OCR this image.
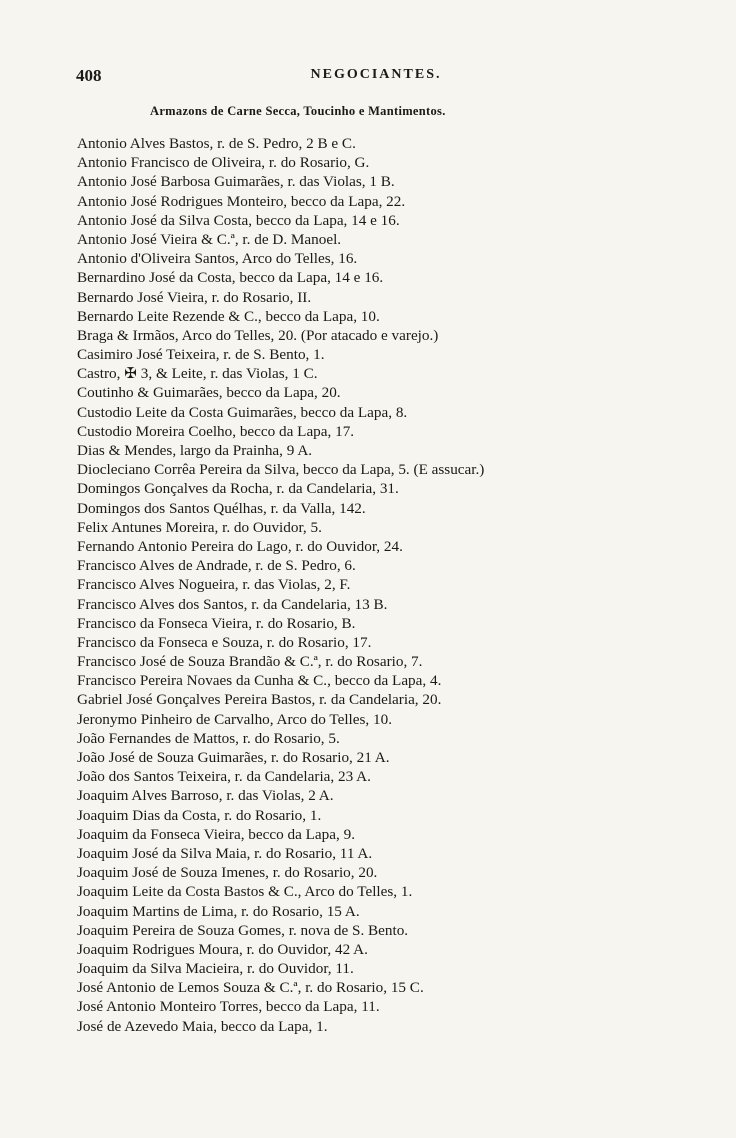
408	NEGOCIANTES.
Armazons de Carne Secca, Toucinho e Mantimentos.
Antonio Alves Bastos, r. de S. Pedro, 2 B e C.
Antonio Francisco de Oliveira, r. do Rosario, G.
Antonio José Barbosa Guimarães, r. das Violas, 1 B.
Antonio José Rodrigues Monteiro, becco da Lapa, 22.
Antonio José da Silva Costa, becco da Lapa, 14 e 16.
Antonio José Vieira & C.ª, r. de D. Manoel.
Antonio d'Oliveira Santos, Arco do Telles, 16.
Bernardino José da Costa, becco da Lapa, 14 e 16.
Bernardo José Vieira, r. do Rosario, II.
Bernardo Leite Rezende & C., becco da Lapa, 10.
Braga & Irmãos, Arco do Telles, 20. (Por atacado e varejo.)
Casimiro José Teixeira, r. de S. Bento, 1.
Castro, ✠ 3, & Leite, r. das Violas, 1 C.
Coutinho & Guimarães, becco da Lapa, 20.
Custodio Leite da Costa Guimarães, becco da Lapa, 8.
Custodio Moreira Coelho, becco da Lapa, 17.
Dias & Mendes, largo da Prainha, 9 A.
Diocleciano Corrêa Pereira da Silva, becco da Lapa, 5. (E assucar.)
Domingos Gonçalves da Rocha, r. da Candelaria, 31.
Domingos dos Santos Quélhas, r. da Valla, 142.
Felix Antunes Moreira, r. do Ouvidor, 5.
Fernando Antonio Pereira do Lago, r. do Ouvidor, 24.
Francisco Alves de Andrade, r. de S. Pedro, 6.
Francisco Alves Nogueira, r. das Violas, 2, F.
Francisco Alves dos Santos, r. da Candelaria, 13 B.
Francisco da Fonseca Vieira, r. do Rosario, B.
Francisco da Fonseca e Souza, r. do Rosario, 17.
Francisco José de Souza Brandão & C.ª, r. do Rosario, 7.
Francisco Pereira Novaes da Cunha & C., becco da Lapa, 4.
Gabriel José Gonçalves Pereira Bastos, r. da Candelaria, 20.
Jeronymo Pinheiro de Carvalho, Arco do Telles, 10.
João Fernandes de Mattos, r. do Rosario, 5.
João José de Souza Guimarães, r. do Rosario, 21 A.
João dos Santos Teixeira, r. da Candelaria, 23 A.
Joaquim Alves Barroso, r. das Violas, 2 A.
Joaquim Dias da Costa, r. do Rosario, 1.
Joaquim da Fonseca Vieira, becco da Lapa, 9.
Joaquim José da Silva Maia, r. do Rosario, 11 A.
Joaquim José de Souza Imenes, r. do Rosario, 20.
Joaquim Leite da Costa Bastos & C., Arco do Telles, 1.
Joaquim Martins de Lima, r. do Rosario, 15 A.
Joaquim Pereira de Souza Gomes, r. nova de S. Bento.
Joaquim Rodrigues Moura, r. do Ouvidor, 42 A.
Joaquim da Silva Macieira, r. do Ouvidor, 11.
José Antonio de Lemos Souza & C.ª, r. do Rosario, 15 C.
José Antonio Monteiro Torres, becco da Lapa, 11.
José de Azevedo Maia, becco da Lapa, 1.
